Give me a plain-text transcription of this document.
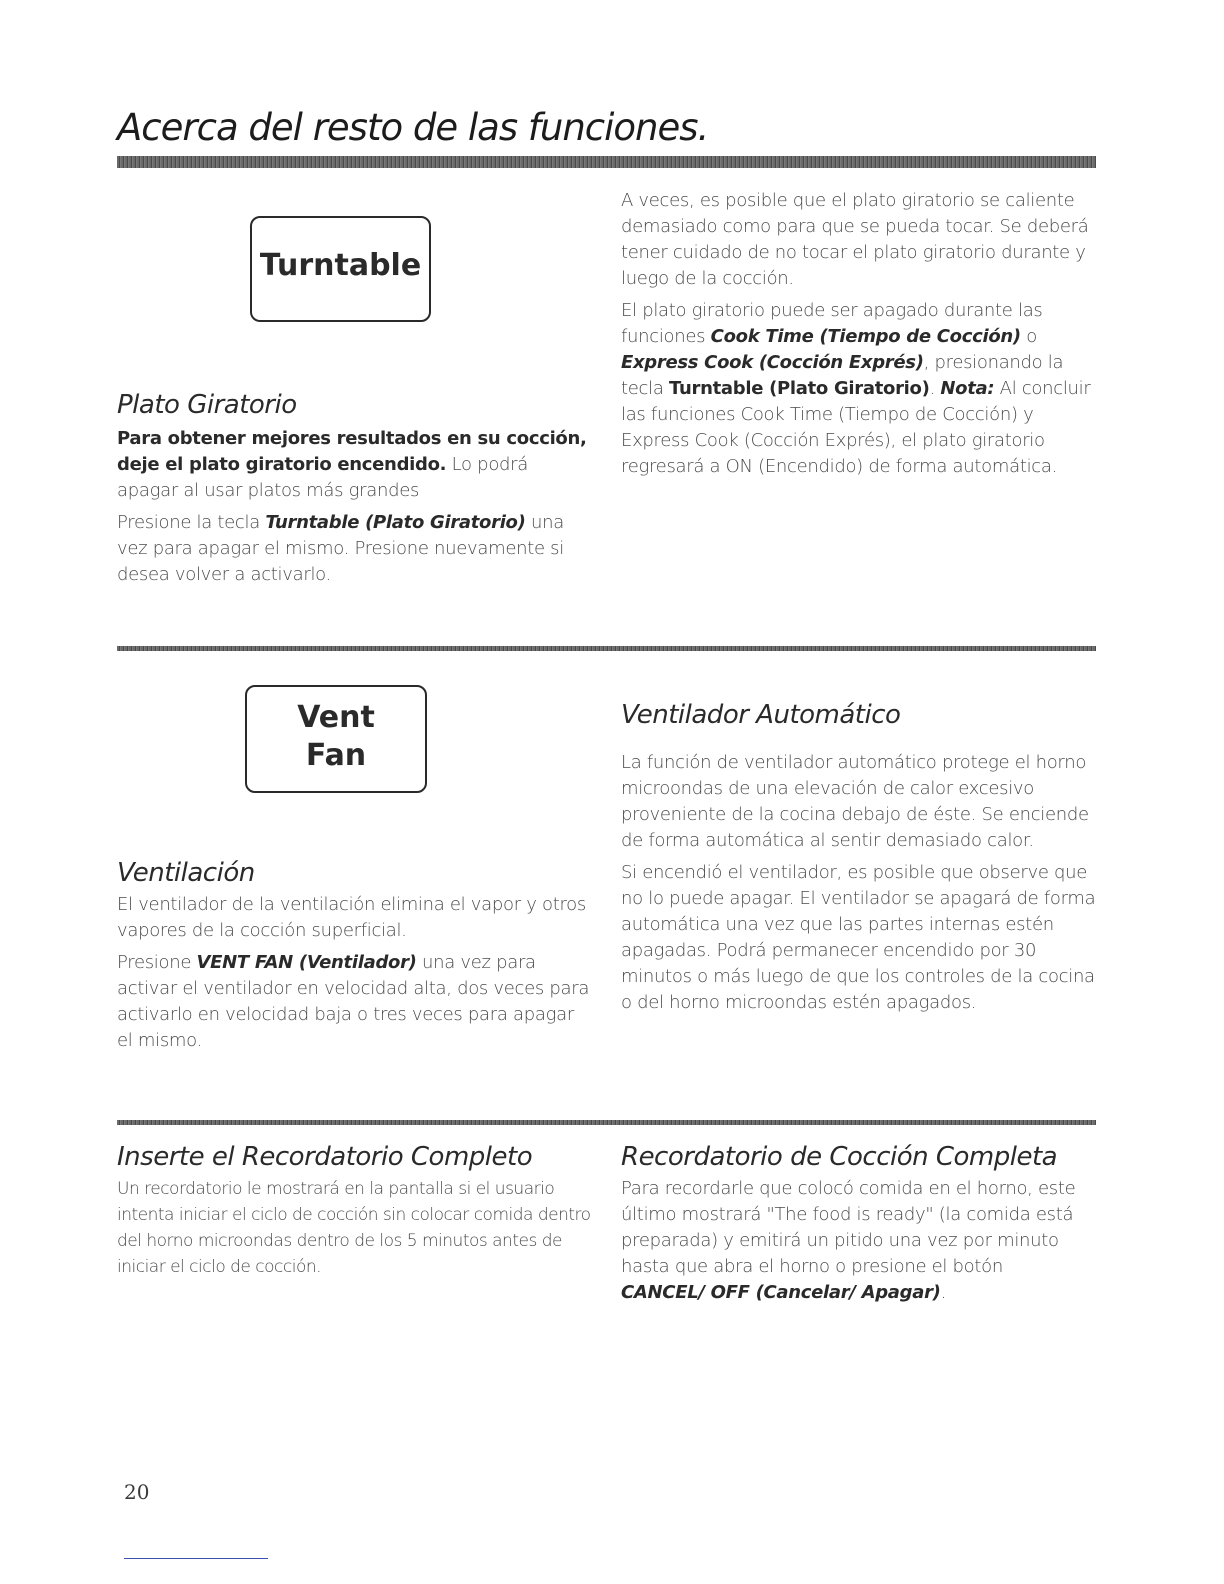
Acerca del resto de las funciones.
Turntable
Plato Giratorio

Para obtener mejores resultados en su cocción, deje el plato giratorio encendido. Lo podrá apagar al usar platos más grandes

Presione la tecla Turntable (Plato Giratorio) una vez para apagar el mismo. Presione nuevamente si desea volver a activarlo.

A veces, es posible que el plato giratorio se caliente demasiado como para que se pueda tocar. Se deberá tener cuidado de no tocar el plato giratorio durante y luego de la cocción.

El plato giratorio puede ser apagado durante las funciones Cook Time (Tiempo de Cocción) o Express Cook (Cocción Exprés), presionando la tecla Turntable (Plato Giratorio). Nota: Al concluir las funciones Cook Time (Tiempo de Cocción) y Express Cook (Cocción Exprés), el plato giratorio regresará a ON (Encendido) de forma automática.

Vent
Fan
Ventilación

El ventilador de la ventilación elimina el vapor y otros vapores de la cocción superficial.

Presione VENT FAN (Ventilador) una vez para activar el ventilador en velocidad alta, dos veces para activarlo en velocidad baja o tres veces para apagar el mismo.

Ventilador Automático

La función de ventilador automático protege el horno microondas de una elevación de calor excesivo proveniente de la cocina debajo de éste. Se enciende de forma automática al sentir demasiado calor.

Si encendió el ventilador, es posible que observe que no lo puede apagar. El ventilador se apagará de forma automática una vez que las partes internas estén apagadas. Podrá permanecer encendido por 30 minutos o más luego de que los controles de la cocina o del horno microondas estén apagados.

Inserte el Recordatorio Completo

Un recordatorio le mostrará en la pantalla si el usuario intenta iniciar el ciclo de cocción sin colocar comida dentro del horno microondas dentro de los 5 minutos antes de iniciar el ciclo de cocción.

Recordatorio de Cocción Completa

Para recordarle que colocó comida en el horno, este último mostrará "The food is ready" (la comida está preparada) y emitirá un pitido una vez por minuto hasta que abra el horno o presione el botón CANCEL/ OFF (Cancelar/ Apagar).

20
